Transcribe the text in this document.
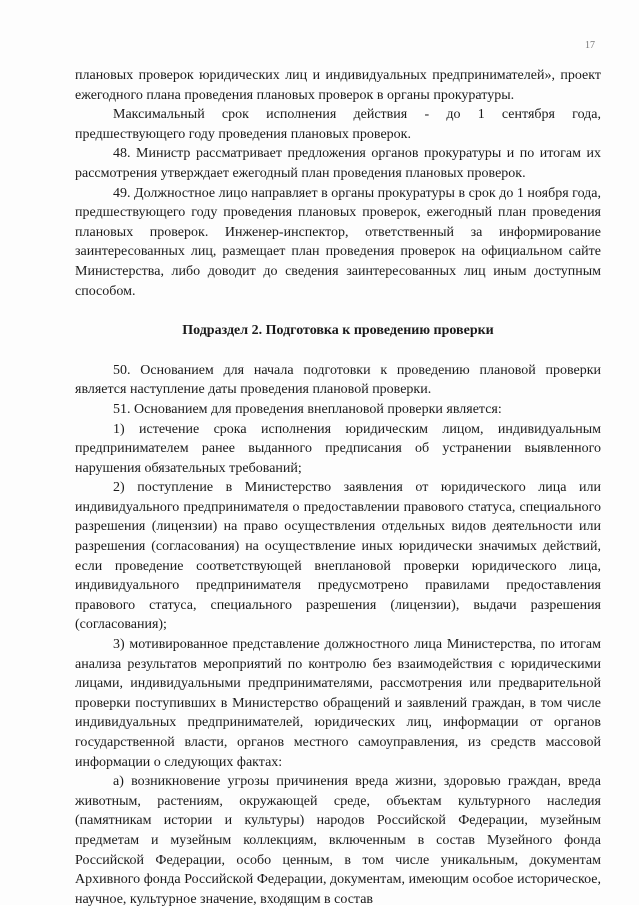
17

плановых проверок юридических лиц и индивидуальных предпринимателей», проект ежегодного плана проведения плановых проверок в органы прокуратуры.

Максимальный срок исполнения действия - до 1 сентября года, предшествующего году проведения плановых проверок.

48. Министр рассматривает предложения органов прокуратуры и по итогам их рассмотрения утверждает ежегодный план проведения плановых проверок.

49. Должностное лицо направляет в органы прокуратуры в срок до 1 ноября года, предшествующего году проведения плановых проверок, ежегодный план проведения плановых проверок. Инженер-инспектор, ответственный за информирование заинтересованных лиц, размещает план проведения проверок на официальном сайте Министерства, либо доводит до сведения заинтересованных лиц иным доступным способом.

Подраздел 2. Подготовка к проведению проверки

50. Основанием для начала подготовки к проведению плановой проверки является наступление даты проведения плановой проверки.

51. Основанием для проведения внеплановой проверки является:

1) истечение срока исполнения юридическим лицом, индивидуальным предпринимателем ранее выданного предписания об устранении выявленного нарушения обязательных требований;

2) поступление в Министерство заявления от юридического лица или индивидуального предпринимателя о предоставлении правового статуса, специального разрешения (лицензии) на право осуществления отдельных видов деятельности или разрешения (согласования) на осуществление иных юридически значимых действий, если проведение соответствующей внеплановой проверки юридического лица, индивидуального предпринимателя предусмотрено правилами предоставления правового статуса, специального разрешения (лицензии), выдачи разрешения (согласования);

3) мотивированное представление должностного лица Министерства, по итогам анализа результатов мероприятий по контролю без взаимодействия с юридическими лицами, индивидуальными предпринимателями, рассмотрения или предварительной проверки поступивших в Министерство обращений и заявлений граждан, в том числе индивидуальных предпринимателей, юридических лиц, информации от органов государственной власти, органов местного самоуправления, из средств массовой информации о следующих фактах:

а) возникновение угрозы причинения вреда жизни, здоровью граждан, вреда животным, растениям, окружающей среде, объектам культурного наследия (памятникам истории и культуры) народов Российской Федерации, музейным предметам и музейным коллекциям, включенным в состав Музейного фонда Российской Федерации, особо ценным, в том числе уникальным, документам Архивного фонда Российской Федерации, документам, имеющим особое историческое, научное, культурное значение, входящим в состав
